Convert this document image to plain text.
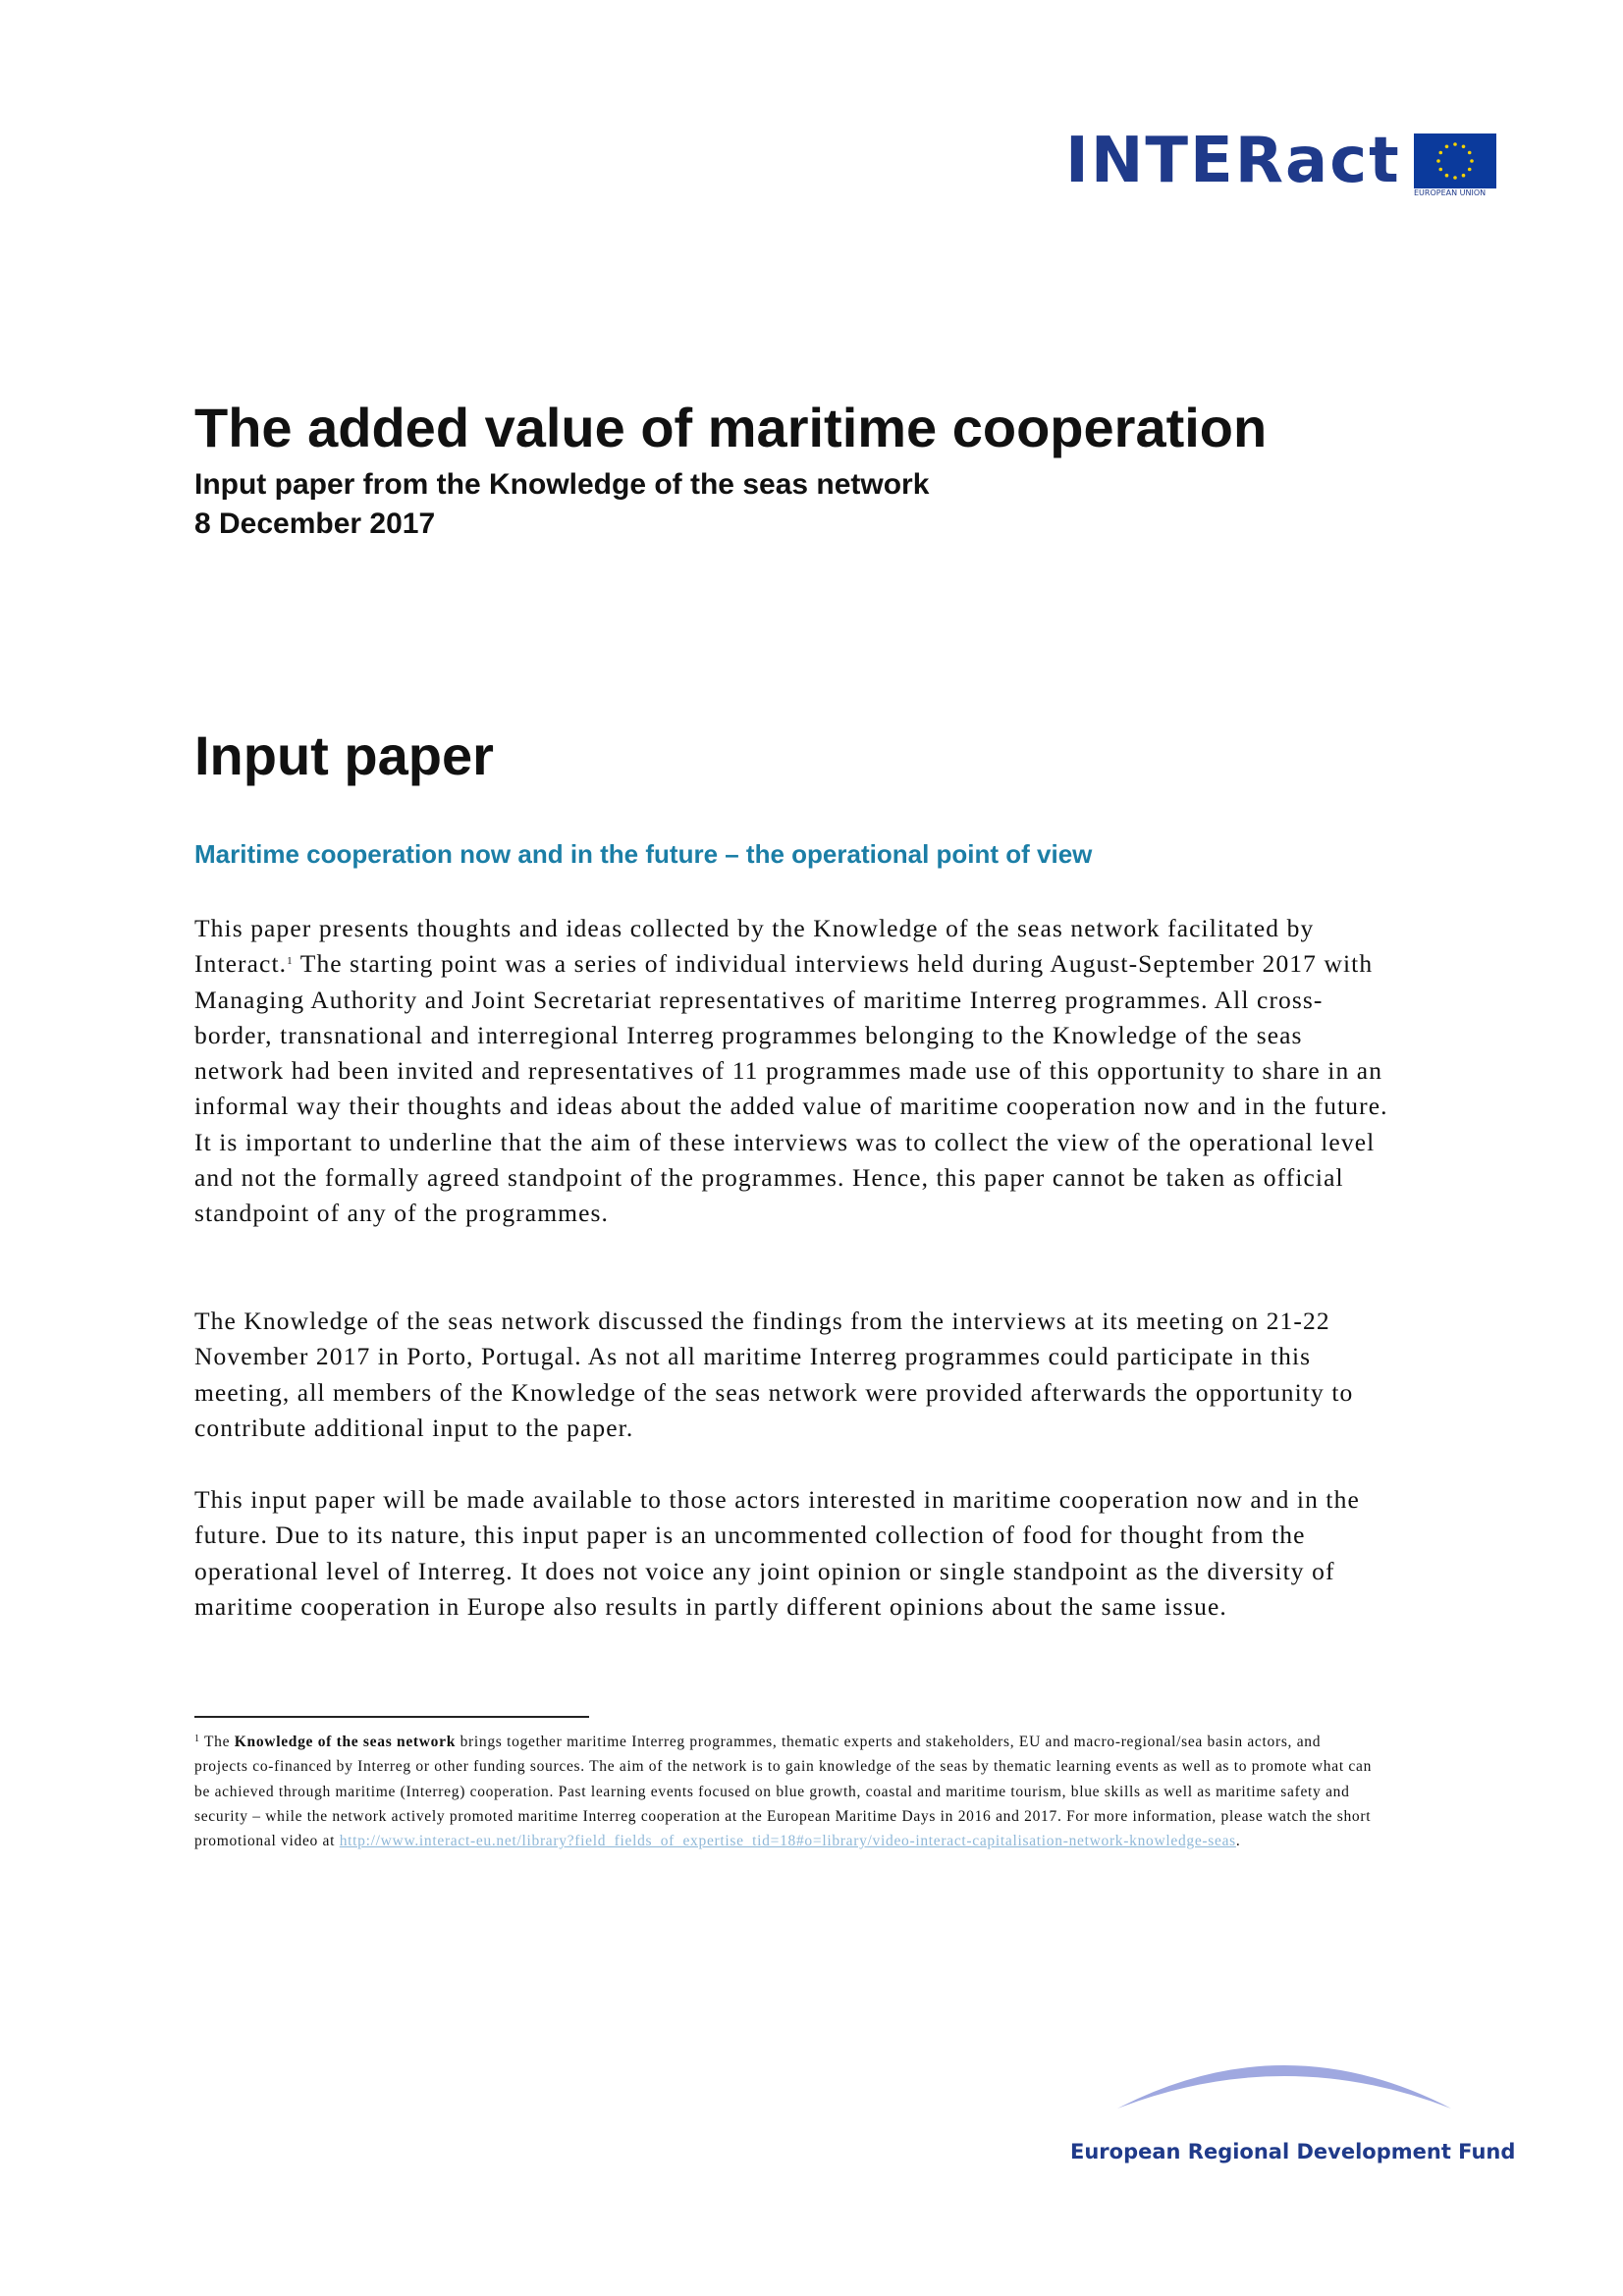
INTERact EUROPEAN UNION
The added value of maritime cooperation
Input paper from the Knowledge of the seas network
8 December 2017
Input paper
Maritime cooperation now and in the future – the operational point of view

This paper presents thoughts and ideas collected by the Knowledge of the seas network facilitated by Interact.$^1$ The starting point was a series of individual interviews held during August-September 2017 with Managing Authority and Joint Secretariat representatives of maritime Interreg programmes. All cross-border, transnational and interregional Interreg programmes belonging to the Knowledge of the seas network had been invited and representatives of 11 programmes made use of this opportunity to share in an informal way their thoughts and ideas about the added value of maritime cooperation now and in the future. It is important to underline that the aim of these interviews was to collect the view of the operational level and not the formally agreed standpoint of the programmes. Hence, this paper cannot be taken as official standpoint of any of the programmes.

The Knowledge of the seas network discussed the findings from the interviews at its meeting on 21-22 November 2017 in Porto, Portugal. As not all maritime Interreg programmes could participate in this meeting, all members of the Knowledge of the seas network were provided afterwards the opportunity to contribute additional input to the paper.

This input paper will be made available to those actors interested in maritime cooperation now and in the future. Due to its nature, this input paper is an uncommented collection of food for thought from the operational level of Interreg. It does not voice any joint opinion or single standpoint as the diversity of maritime cooperation in Europe also results in partly different opinions about the same issue.

$^1$ The Knowledge of the seas network brings together maritime Interreg programmes, thematic experts and stakeholders, EU and macro-regional/sea basin actors, and projects co-financed by Interreg or other funding sources. The aim of the network is to gain knowledge of the seas by thematic learning events as well as to promote what can be achieved through maritime (Interreg) cooperation. Past learning events focused on blue growth, coastal and maritime tourism, blue skills as well as maritime safety and security – while the network actively promoted maritime Interreg cooperation at the European Maritime Days in 2016 and 2017. For more information, please watch the short promotional video at http://www.interact-eu.net/library?field_fields_of_expertise_tid=18#o=library/video-interact-capitalisation-network-knowledge-seas.

European Regional Development Fund
